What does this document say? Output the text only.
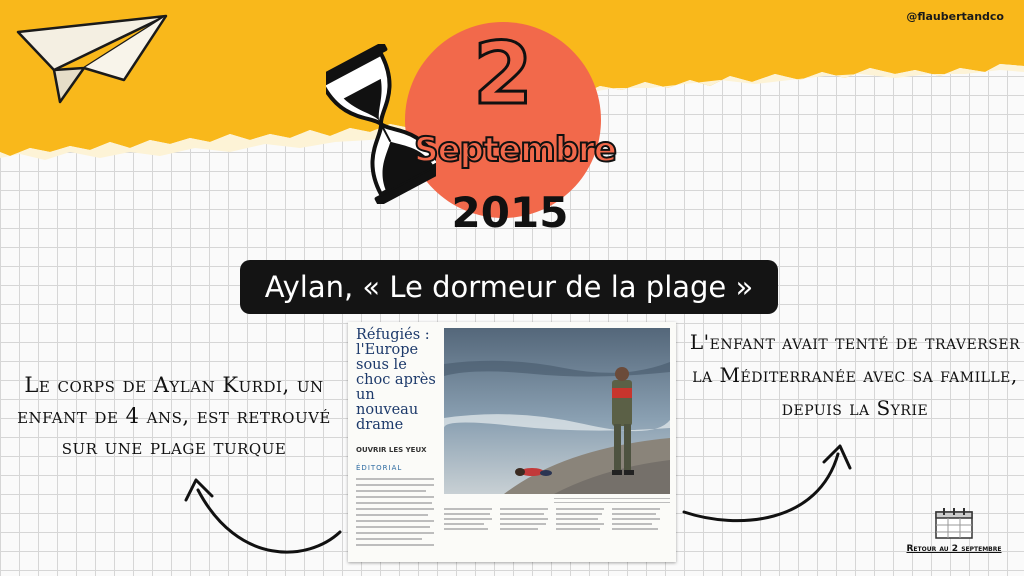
@flaubertandco
2
Septembre
2015
Aylan, « Le dormeur de la plage »
Réfugiés : l'Europe sous le choc après un nouveau drame
OUVRIR LES YEUX
ÉDITORIAL
Le corps de Aylan Kurdi, un enfant de 4 ans, est retrouvé sur une plage turque
L'enfant avait tenté de traverser la Méditerranée avec sa famille, depuis la Syrie
Retour au 2 septembre
